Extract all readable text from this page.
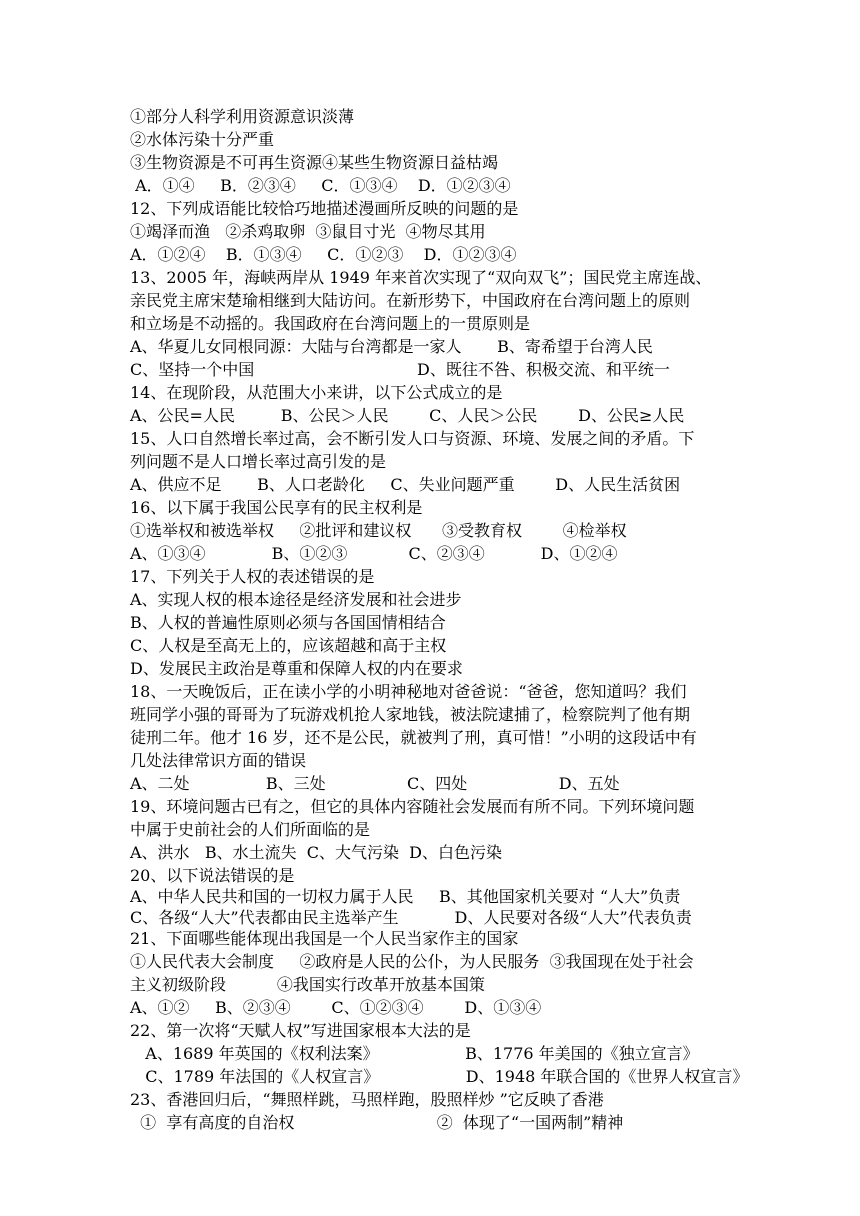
①部分人科学利用资源意识淡薄
②水体污染十分严重
③生物资源是不可再生资源④某些生物资源日益枯竭
A．①④     B．②③④     C．①③④    D．①②③④
12、下列成语能比较恰巧地描述漫画所反映的问题的是
①竭泽而渔   ②杀鸡取卵  ③鼠目寸光  ④物尽其用
A．①②④    B．①③④     C．①②③    D．①②③④
13、2005 年，海峡两岸从 1949 年来首次实现了“双向双飞”；国民党主席连战、
亲民党主席宋楚瑜相继到大陆访问。在新形势下，中国政府在台湾问题上的原则
和立场是不动摇的。我国政府在台湾问题上的一贯原则是
A、华夏儿女同根同源：大陆与台湾都是一家人       B、寄希望于台湾人民
C、坚持一个中国                                D、既往不咎、积极交流、和平统一
14、在现阶段，从范围大小来讲，以下公式成立的是
A、公民=人民         B、公民＞人民        C、人民＞公民        D、公民≥人民
15、人口自然增长率过高，会不断引发人口与资源、环境、发展之间的矛盾。下
列问题不是人口增长率过高引发的是
A、供应不足       B、人口老龄化     C、失业问题严重        D、人民生活贫困
16、以下属于我国公民享有的民主权利是
①选举权和被选举权     ②批评和建议权      ③受教育权        ④检举权
A、①③④             B、①②③            C、②③④           D、①②④
17、下列关于人权的表述错误的是
A、实现人权的根本途径是经济发展和社会进步
B、人权的普遍性原则必须与各国国情相结合
C、人权是至高无上的，应该超越和高于主权
D、发展民主政治是尊重和保障人权的内在要求
18、一天晚饭后，正在读小学的小明神秘地对爸爸说：“爸爸，您知道吗？我们
班同学小强的哥哥为了玩游戏机抢人家地钱，被法院逮捕了，检察院判了他有期
徒刑二年。他才 16 岁，还不是公民，就被判了刑，真可惜！”小明的这段话中有
几处法律常识方面的错误
A、二处               B、三处                C、四处                  D、五处
19、环境问题古已有之，但它的具体内容随社会发展而有所不同。下列环境问题
中属于史前社会的人们所面临的是
A、洪水   B、水土流失  C、大气污染  D、白色污染
20、以下说法错误的是
A、中华人民共和国的一切权力属于人民     B、其他国家机关要对 “人大”负责
C、各级“人大”代表都由民主选举产生           D、人民要对各级“人大”代表负责
21、下面哪些能体现出我国是一个人民当家作主的国家
①人民代表大会制度     ②政府是人民的公仆，为人民服务  ③我国现在处于社会
主义初级阶段          ④我国实行改革开放基本国策
A、①②     B、②③④        C、①②③④        D、①③④
22、第一次将“天赋人权”写进国家根本大法的是
A、1689 年英国的《权利法案》                 B、1776 年美国的《独立宣言》
C、1789 年法国的《人权宣言》                 D、1948 年联合国的《世界人权宣言》
23、香港回归后，“舞照样跳，马照样跑，股照样炒 ”它反映了香港
①  享有高度的自治权                            ②  体现了“一国两制”精神
